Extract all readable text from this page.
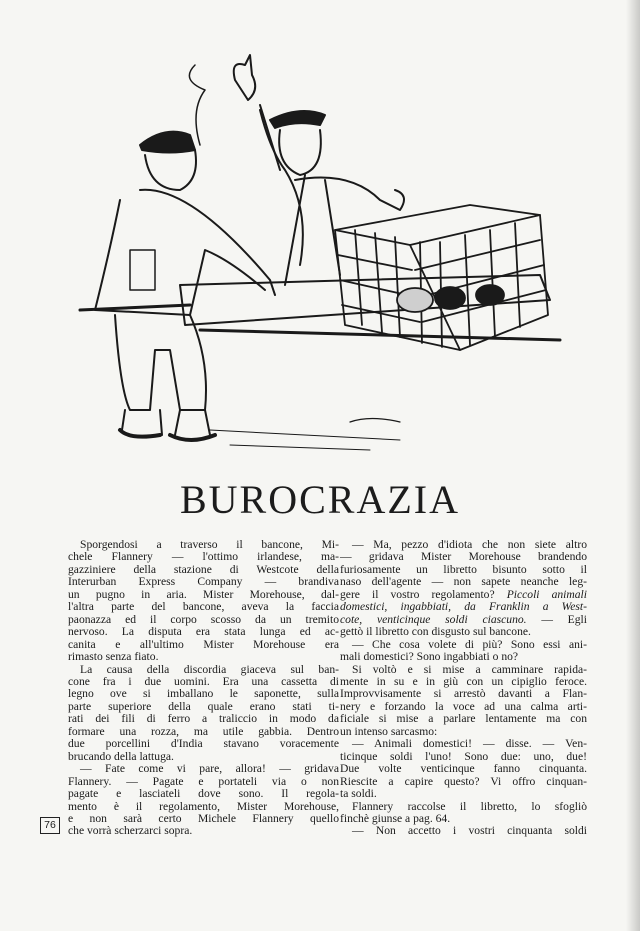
BUROCRAZIA
Sporgendosi a traverso il bancone, Mi-
chele Flannery — l'ottimo irlandese, ma-
gazziniere della stazione di Westcote della
Interurban Express Company — brandiva
un pugno in aria. Mister Morehouse, dal-
l'altra parte del bancone, aveva la faccia
paonazza ed il corpo scosso da un tremito
nervoso. La disputa era stata lunga ed ac-
canita e all'ultimo Mister Morehouse era
rimasto senza fiato.
La causa della discordia giaceva sul ban-
cone fra i due uomini. Era una cassetta di
legno ove si imballano le saponette, sulla
parte superiore della quale erano stati ti-
rati dei fili di ferro a traliccio in modo da
formare una rozza, ma utile gabbia. Dentro
due porcellini d'India stavano voracemente
brucando della lattuga.
— Fate come vi pare, allora! — gridava
Flannery. — Pagate e portateli via o non
pagate e lasciateli dove sono. Il regola-
mento è il regolamento, Mister Morehouse,
e non sarà certo Michele Flannery quello
che vorrà scherzarci sopra.
— Ma, pezzo d'idiota che non siete altro
— gridava Mister Morehouse brandendo
furiosamente un libretto bisunto sotto il
naso dell'agente — non sapete neanche leg-
gere il vostro regolamento? Piccoli animali
domestici, ingabbiati, da Franklin a West-
cote, venticinque soldi ciascuno. — Egli
gettò il libretto con disgusto sul bancone.
— Che cosa volete di più? Sono essi ani-
mali domestici? Sono ingabbiati o no?
Si voltò e si mise a camminare rapida-
mente in su e in giù con un cipiglio feroce.
Improvvisamente si arrestò davanti a Flan-
nery e forzando la voce ad una calma arti-
ficiale si mise a parlare lentamente ma con
un intenso sarcasmo:
— Animali domestici! — disse. — Ven-
ticinque soldi l'uno! Sono due: uno, due!
Due volte venticinque fanno cinquanta.
Riescite a capire questo? Vi offro cinquan-
ta soldi.
Flannery raccolse il libretto, lo sfogliò
finchè giunse a pag. 64.
— Non accetto i vostri cinquanta soldi
76
